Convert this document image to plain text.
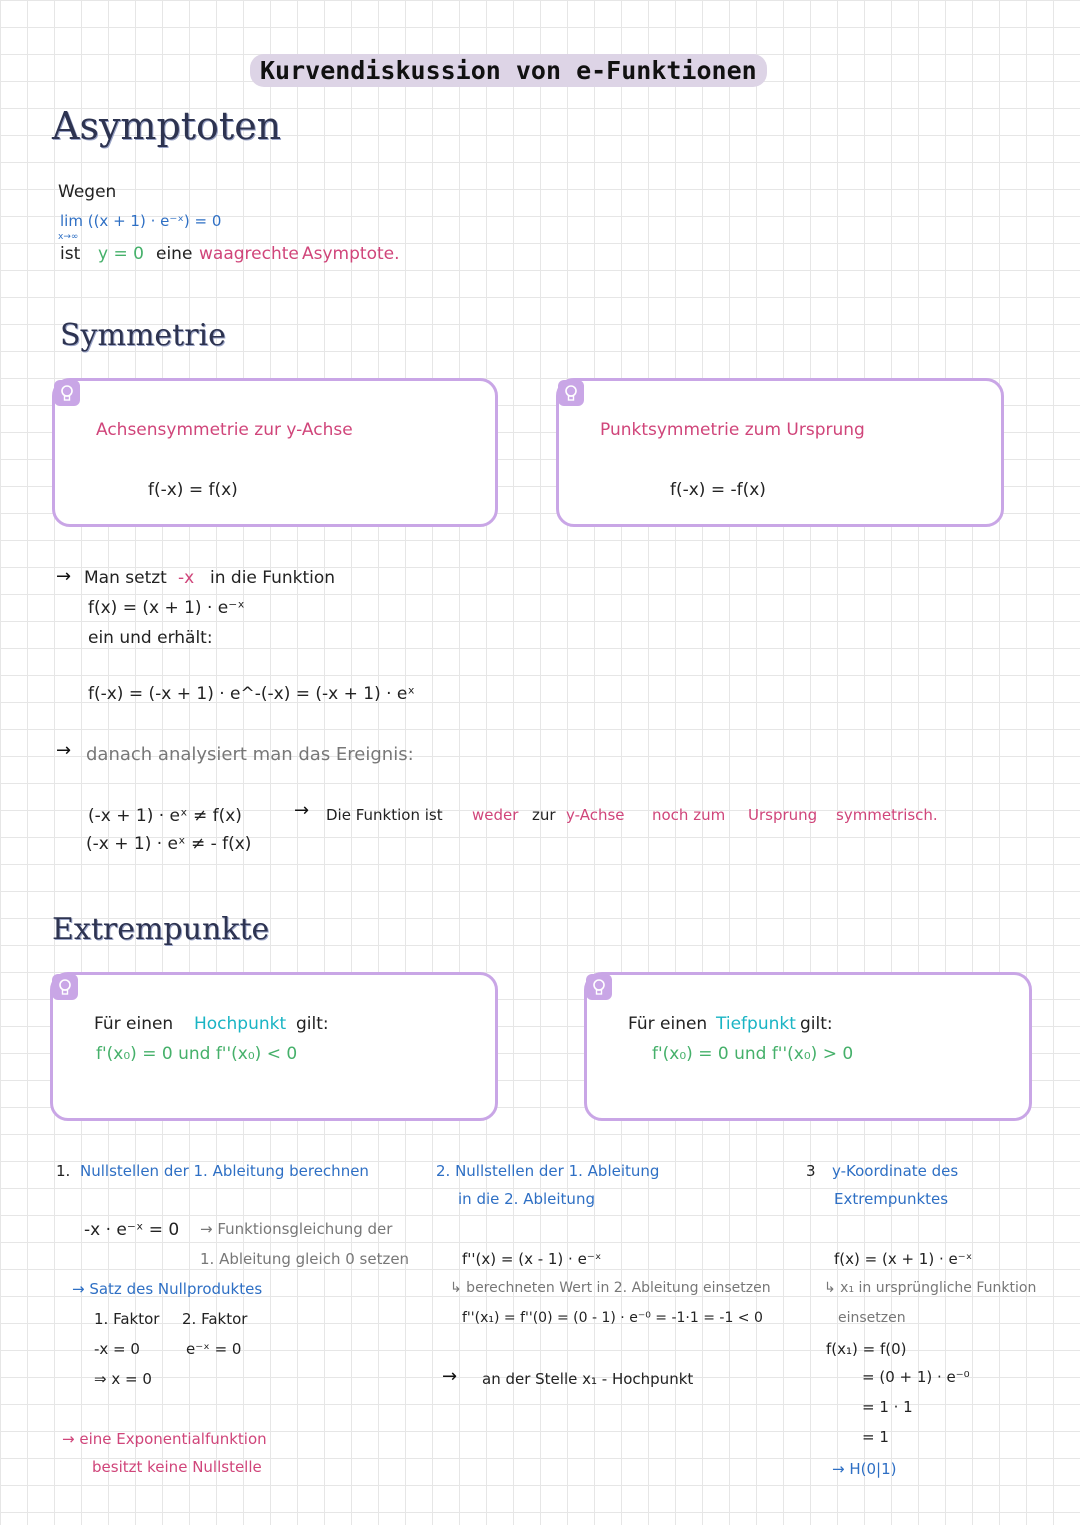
Kurvendiskussion von e-Funktionen
Asymptoten
Wegen
lim ((x + 1) · e⁻ˣ) = 0
x→∞
ist y = 0 eine waagrechte Asymptote.
Symmetrie
Achsensymmetrie zur y-Achse
f(-x) = f(x)
Punktsymmetrie zum Ursprung
f(-x) = -f(x)
→ Man setzt -x in die Funktion
f(x) = (x + 1) · e⁻ˣ
ein und erhält:
f(-x) = (-x + 1) · e^-(-x) = (-x + 1) · eˣ
→ danach analysiert man das Ereignis:
(-x + 1) · eˣ ≠ f(x)
(-x + 1) · eˣ ≠ - f(x)
→ Die Funktion ist weder zur y-Achse noch zum Ursprung symmetrisch.
Extrempunkte
Für einen Hochpunkt gilt:
f'(x₀) = 0 und f''(x₀) < 0
Für einen Tiefpunkt gilt:
f'(x₀) = 0 und f''(x₀) > 0
1. Nullstellen der 1. Ableitung berechnen
-x · e⁻ˣ = 0 → Funktionsgleichung der
1. Ableitung gleich 0 setzen
→ Satz des Nullproduktes
1. Faktor 2. Faktor
-x = 0	e⁻ˣ = 0
⇒ x = 0
→ eine Exponentialfunktion
besitzt keine Nullstelle
2. Nullstellen der 1. Ableitung
in die 2. Ableitung
f''(x) = (x - 1) · e⁻ˣ
↳ berechneten Wert in 2. Ableitung einsetzen
f''(x₁) = f''(0) = (0 - 1) · e⁻⁰ = -1·1 = -1 < 0
→ an der Stelle x₁ - Hochpunkt
3 y-Koordinate des
Extrempunktes
f(x) = (x + 1) · e⁻ˣ
↳ x₁ in ursprüngliche Funktion
einsetzen
f(x₁) = f(0)
= (0 + 1) · e⁻⁰
= 1 · 1
= 1
→ H(0|1)
